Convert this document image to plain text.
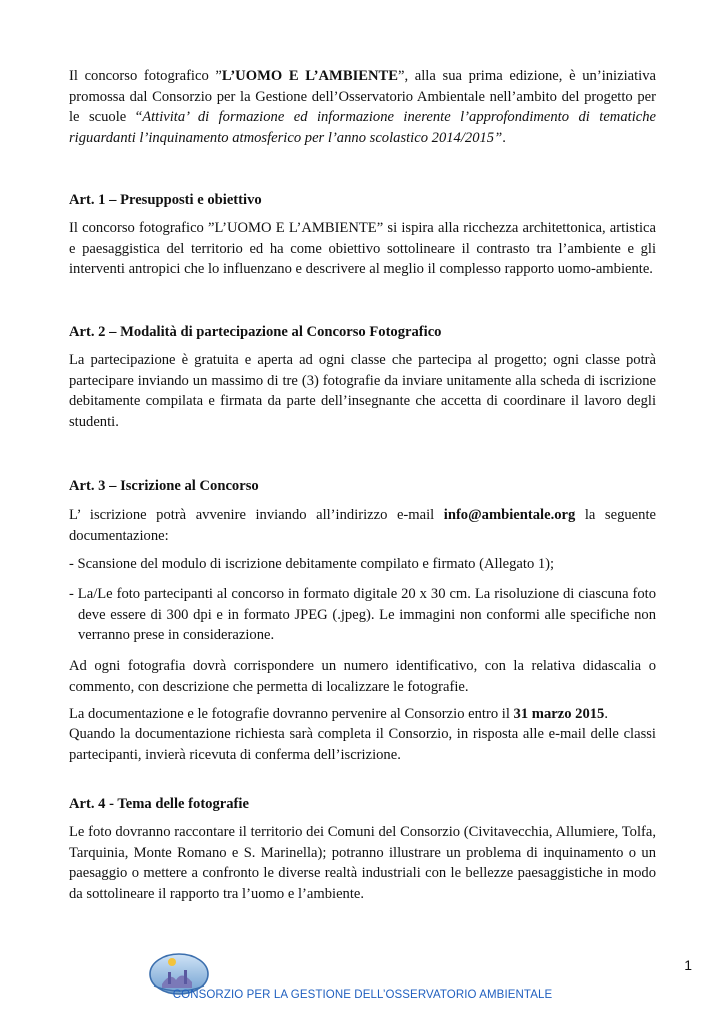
Il concorso fotografico ”L’UOMO E L’AMBIENTE”, alla sua prima edizione, è un’iniziativa promossa dal Consorzio per la Gestione dell’Osservatorio Ambientale nell’ambito del progetto per le scuole “Attivita’ di formazione ed informazione inerente l’approfondimento di tematiche riguardanti l’inquinamento atmosferico per l’anno scolastico 2014/2015”.
Art. 1 – Presupposti e obiettivo
Il concorso fotografico ”L’UOMO E L’AMBIENTE” si ispira alla ricchezza architettonica, artistica e paesaggistica del territorio ed ha come obiettivo sottolineare il contrasto tra l’ambiente e gli interventi antropici che lo influenzano e descrivere al meglio il complesso rapporto uomo-ambiente.
Art. 2 – Modalità di partecipazione al Concorso Fotografico
La partecipazione è gratuita e aperta ad ogni classe che partecipa al progetto; ogni classe potrà partecipare inviando un massimo di tre (3) fotografie da inviare unitamente alla scheda di iscrizione debitamente compilata e firmata da parte dell’insegnante che accetta di coordinare il lavoro degli studenti.
Art. 3 – Iscrizione al Concorso
L’ iscrizione potrà avvenire inviando all’indirizzo e-mail info@ambientale.org la seguente documentazione:
- Scansione del modulo di iscrizione debitamente compilato e firmato (Allegato 1);
- La/Le foto partecipanti al concorso in formato digitale 20 x 30 cm. La risoluzione di ciascuna foto deve essere di 300 dpi e in formato JPEG (.jpeg). Le immagini non conformi alle specifiche non verranno prese in considerazione.
Ad ogni fotografia dovrà corrispondere un numero identificativo, con la relativa didascalia o commento, con descrizione che permetta di localizzare le fotografie.
La documentazione e le fotografie dovranno pervenire al Consorzio entro il 31 marzo 2015.
Quando la documentazione richiesta sarà completa il Consorzio, in risposta alle e-mail delle classi partecipanti, invierà ricevuta di conferma dell’iscrizione.
Art. 4 - Tema delle fotografie
Le foto dovranno raccontare il territorio dei Comuni del Consorzio (Civitavecchia, Allumiere, Tolfa, Tarquinia, Monte Romano e S. Marinella); potranno illustrare un problema di inquinamento o un paesaggio o mettere a confronto le diverse realtà industriali con le bellezze paesaggistiche in modo da sottolineare il rapporto tra l’uomo e l’ambiente.
1
CONSORZIO PER LA GESTIONE DELL’OSSERVATORIO AMBIENTALE
